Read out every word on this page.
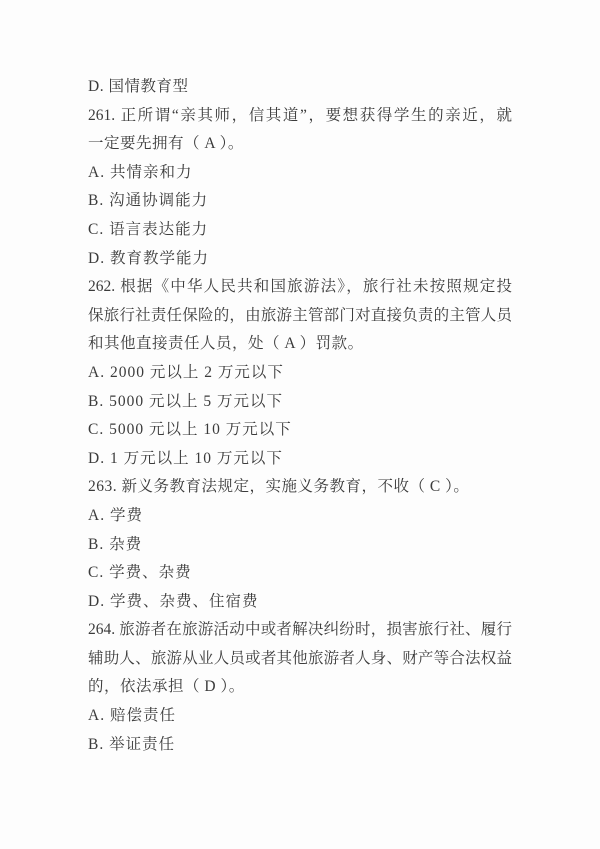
D. 国情教育型
261. 正所谓“亲其师，信其道”，要想获得学生的亲近，就
一定要先拥有（ A ）。
A. 共情亲和力
B. 沟通协调能力
C. 语言表达能力
D. 教育教学能力
262. 根据《中华人民共和国旅游法》，旅行社未按照规定投
保旅行社责任保险的，由旅游主管部门对直接负责的主管人员
和其他直接责任人员，处（ A ）罚款。
A. 2000 元以上 2 万元以下
B. 5000 元以上 5 万元以下
C. 5000 元以上 10 万元以下
D. 1 万元以上 10 万元以下
263. 新义务教育法规定，实施义务教育，不收（ C ）。
A. 学费
B. 杂费
C. 学费、杂费
D. 学费、杂费、住宿费
264. 旅游者在旅游活动中或者解决纠纷时，损害旅行社、履行
辅助人、旅游从业人员或者其他旅游者人身、财产等合法权益
的，依法承担（ D ）。
A. 赔偿责任
B. 举证责任
